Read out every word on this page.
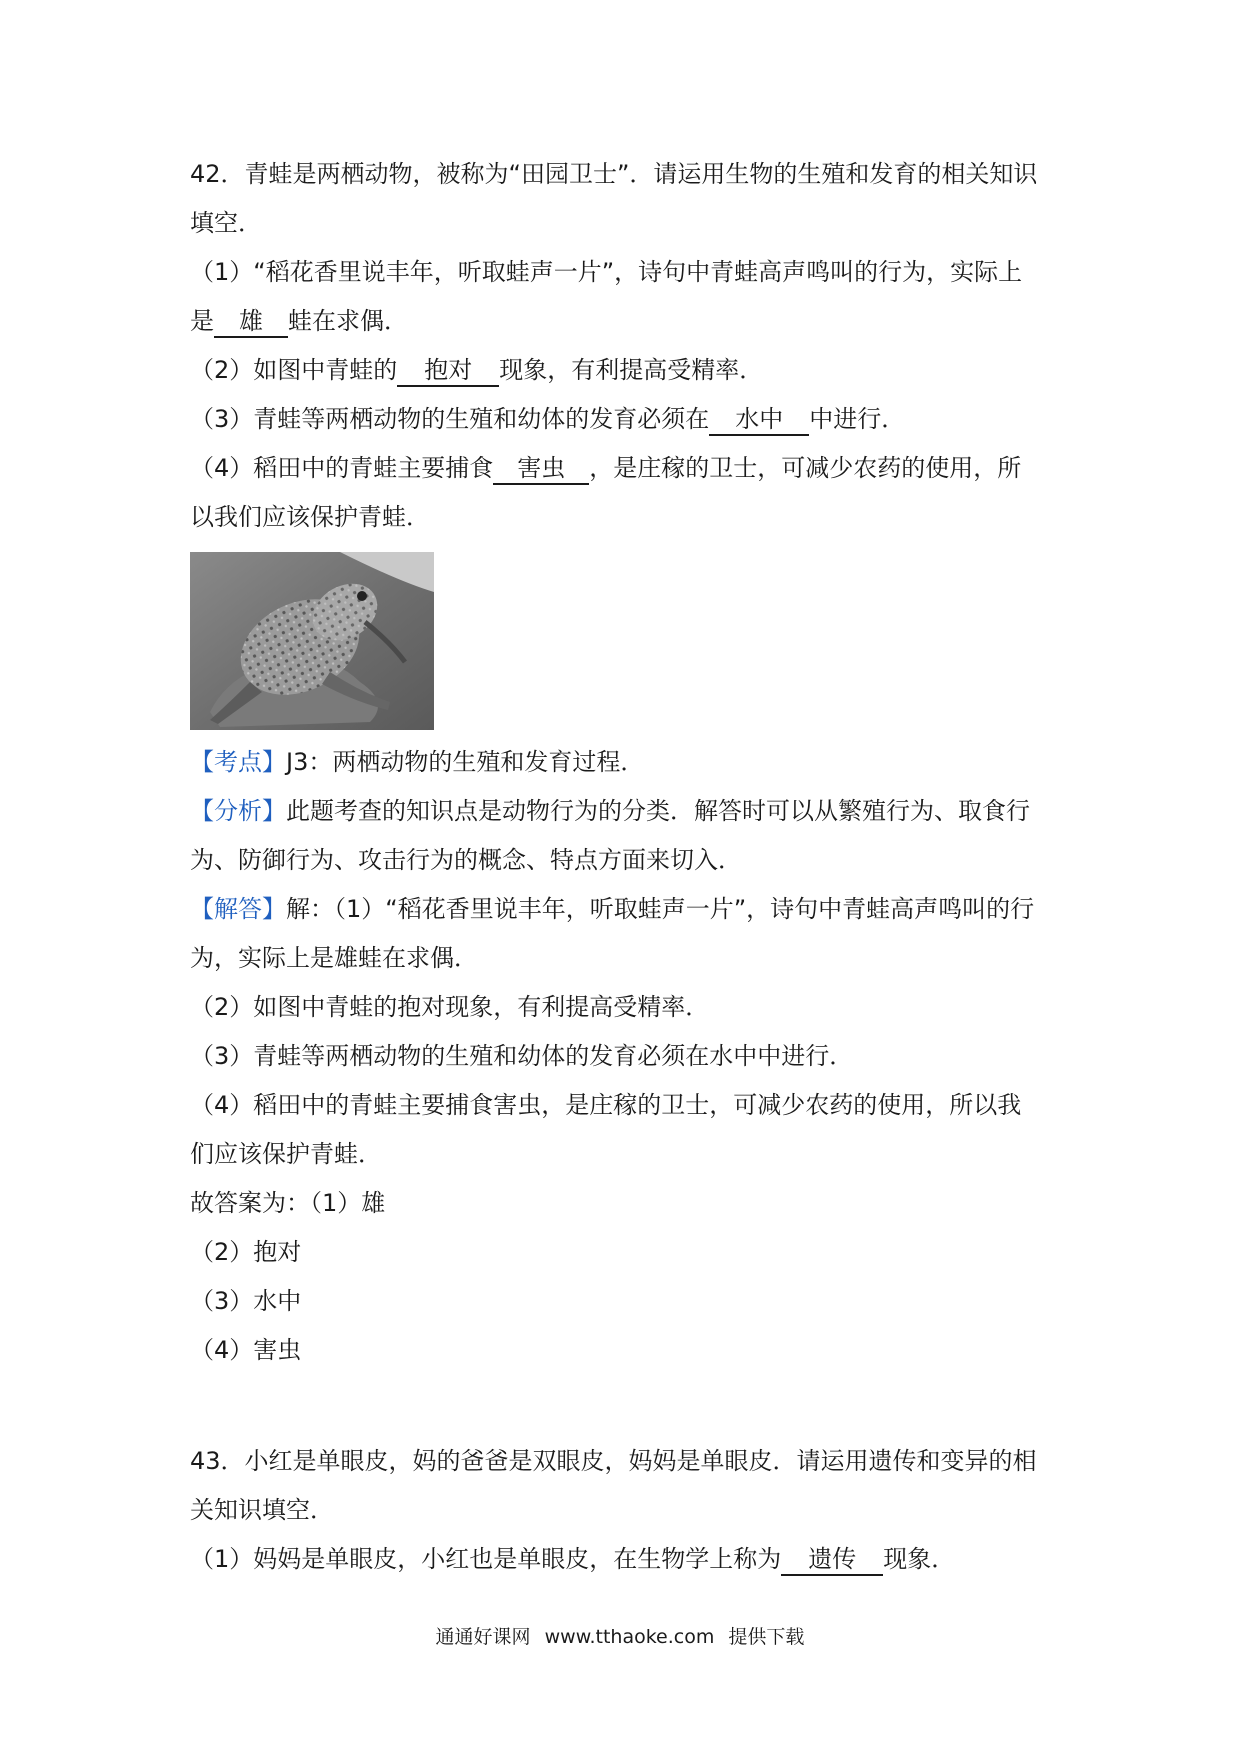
42．青蛙是两栖动物，被称为“田园卫士”．请运用生物的生殖和发育的相关知识
填空．
（1）“稻花香里说丰年，听取蛙声一片”，诗句中青蛙高声鸣叫的行为，实际上
是 雄 蛙在求偶．
（2）如图中青蛙的 抱对 现象，有利提高受精率．
（3）青蛙等两栖动物的生殖和幼体的发育必须在 水中 中进行．
（4）稻田中的青蛙主要捕食 害虫 ，是庄稼的卫士，可减少农药的使用，所
以我们应该保护青蛙．
【考点】J3：两栖动物的生殖和发育过程．
【分析】此题考查的知识点是动物行为的分类．解答时可以从繁殖行为、取食行
为、防御行为、攻击行为的概念、特点方面来切入．
【解答】解：（1）“稻花香里说丰年，听取蛙声一片”，诗句中青蛙高声鸣叫的行
为，实际上是雄蛙在求偶．
（2）如图中青蛙的抱对现象，有利提高受精率．
（3）青蛙等两栖动物的生殖和幼体的发育必须在水中中进行．
（4）稻田中的青蛙主要捕食害虫，是庄稼的卫士，可减少农药的使用，所以我
们应该保护青蛙．
故答案为：（1）雄
（2）抱对
（3）水中
（4）害虫
43．小红是单眼皮，妈的爸爸是双眼皮，妈妈是单眼皮．请运用遗传和变异的相
关知识填空．
（1）妈妈是单眼皮，小红也是单眼皮，在生物学上称为 遗传 现象．
通通好课网 www.tthaoke.com 提供下载
